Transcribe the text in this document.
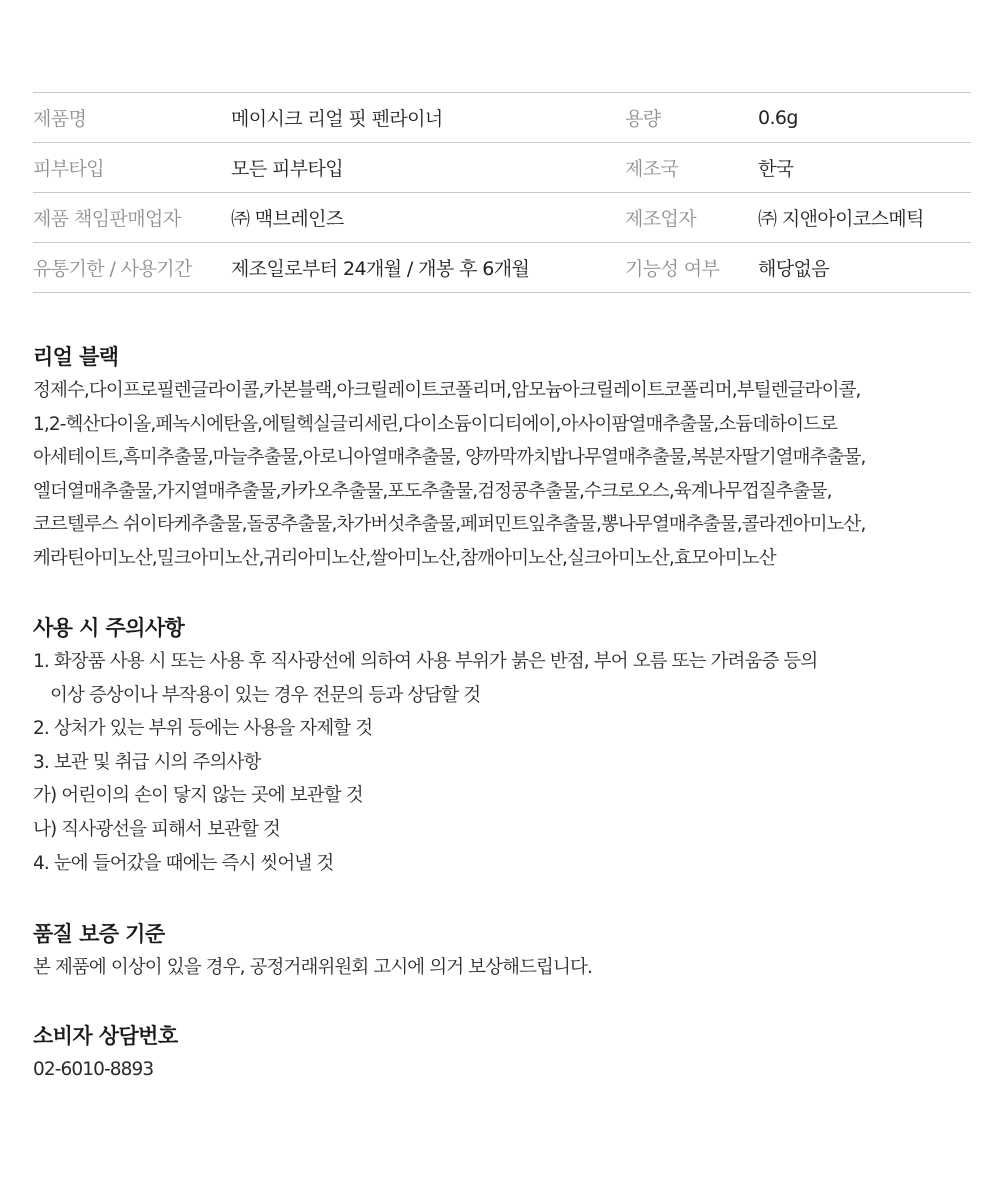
제품명	메이시크 리얼 핏 펜라이너	용량	0.6g
피부타입	모든 피부타입	제조국	한국
제품 책임판매업자	㈜ 맥브레인즈	제조업자	㈜ 지앤아이코스메틱
유통기한 / 사용기간	제조일로부터 24개월 / 개봉 후 6개월	기능성 여부	해당없음
리얼 블랙
정제수,다이프로필렌글라이콜,카본블랙,아크릴레이트코폴리머,암모늄아크릴레이트코폴리머,부틸렌글라이콜,
1,2-헥산다이올,페녹시에탄올,에틸헥실글리세린,다이소듐이디티에이,아사이팜열매추출물,소듐데하이드로
아세테이트,흑미추출물,마늘추출물,아로니아열매추출물, 양까막까치밥나무열매추출물,복분자딸기열매추출물,
엘더열매추출물,가지열매추출물,카카오추출물,포도추출물,검정콩추출물,수크로오스,육계나무껍질추출물,
코르텔루스 쉬이타케추출물,돌콩추출물,차가버섯추출물,페퍼민트잎추출물,뽕나무열매추출물,콜라겐아미노산,
케라틴아미노산,밀크아미노산,귀리아미노산,쌀아미노산,참깨아미노산,실크아미노산,효모아미노산
사용 시 주의사항
1. 화장품 사용 시 또는 사용 후 직사광선에 의하여 사용 부위가 붉은 반점, 부어 오름 또는 가려움증 등의
이상 증상이나 부작용이 있는 경우 전문의 등과 상담할 것
2. 상처가 있는 부위 등에는 사용을 자제할 것
3. 보관 및 취급 시의 주의사항
가) 어린이의 손이 닿지 않는 곳에 보관할 것
나) 직사광선을 피해서 보관할 것
4. 눈에 들어갔을 때에는 즉시 씻어낼 것
품질 보증 기준
본 제품에 이상이 있을 경우, 공정거래위원회 고시에 의거 보상해드립니다.
소비자 상담번호
02-6010-8893
